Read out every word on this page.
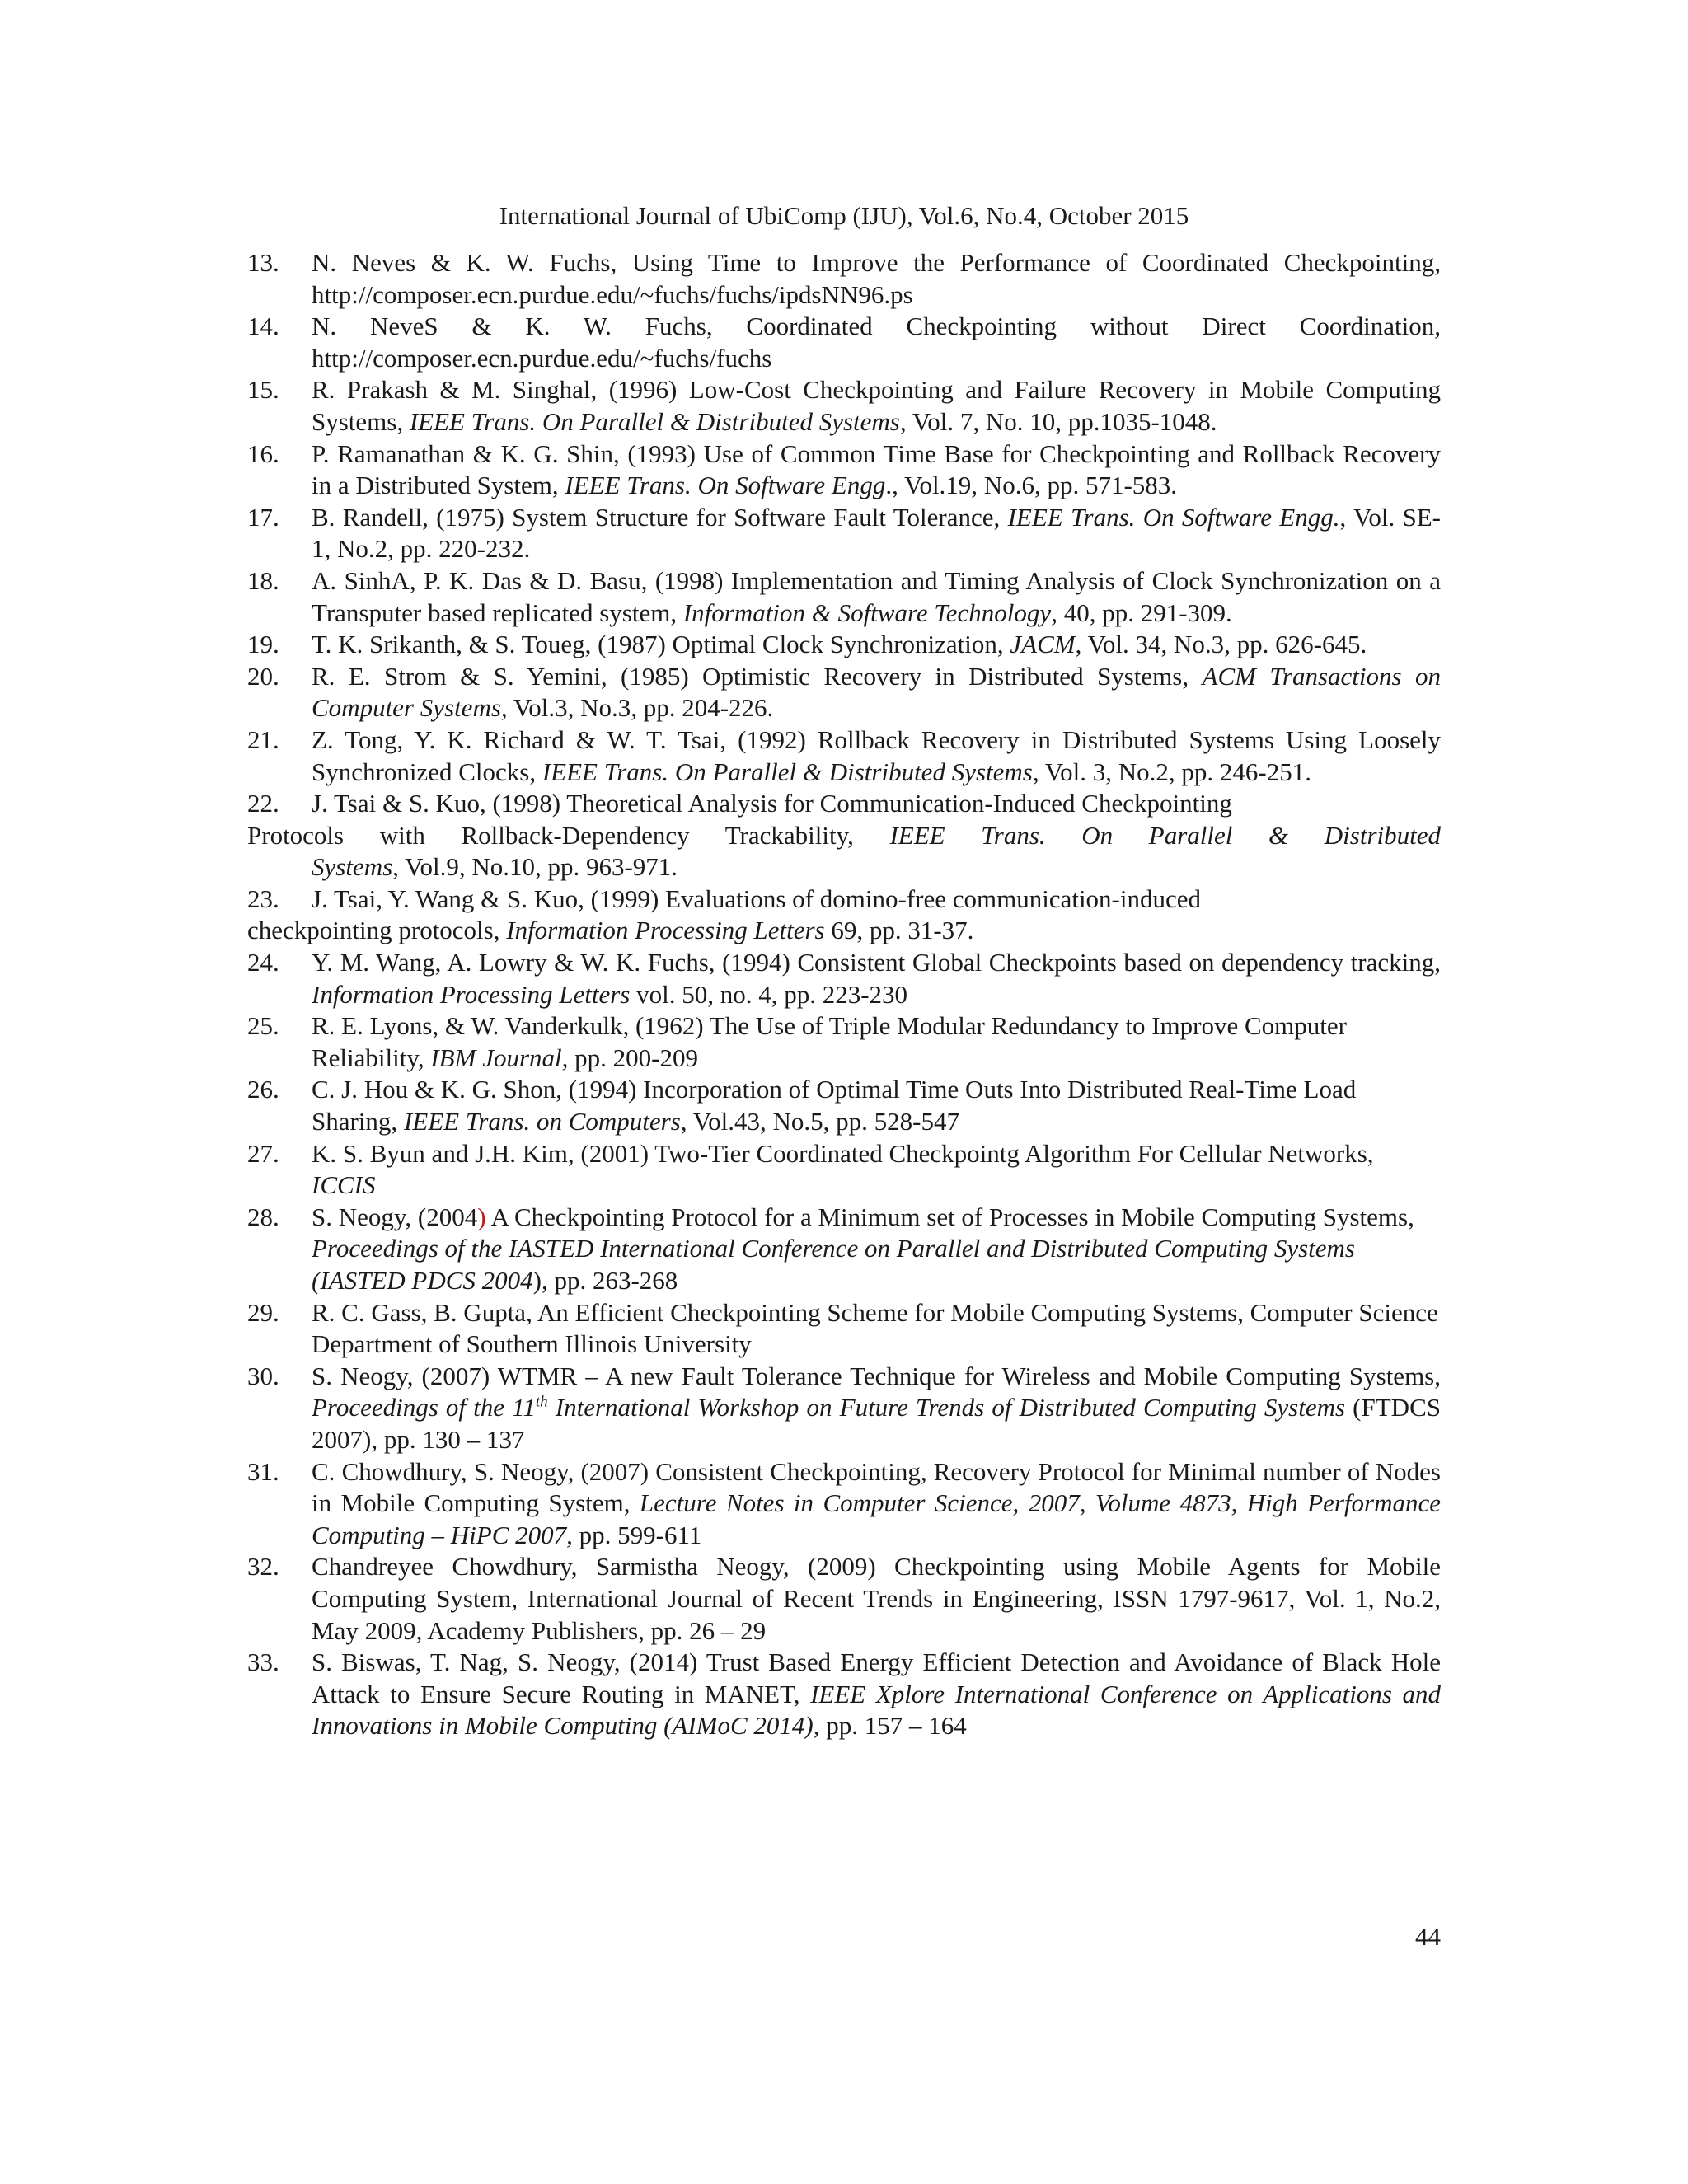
International Journal of UbiComp (IJU), Vol.6, No.4, October 2015
13. N. Neves & K. W. Fuchs, Using Time to Improve the Performance of Coordinated Checkpointing, http://composer.ecn.purdue.edu/~fuchs/fuchs/ipdsNN96.ps
14. N. NeveS & K. W. Fuchs, Coordinated Checkpointing without Direct Coordination, http://composer.ecn.purdue.edu/~fuchs/fuchs
15. R. Prakash & M. Singhal, (1996) Low-Cost Checkpointing and Failure Recovery in Mobile Computing Systems, IEEE Trans. On Parallel & Distributed Systems, Vol. 7, No. 10, pp.1035-1048.
16. P. Ramanathan & K. G. Shin, (1993) Use of Common Time Base for Checkpointing and Rollback Recovery in a Distributed System, IEEE Trans. On Software Engg., Vol.19, No.6, pp. 571-583.
17. B. Randell, (1975) System Structure for Software Fault Tolerance, IEEE Trans. On Software Engg., Vol. SE-1, No.2, pp. 220-232.
18. A. SinhA, P. K. Das & D. Basu, (1998) Implementation and Timing Analysis of Clock Synchronization on a Transputer based replicated system, Information & Software Technology, 40, pp. 291-309.
19. T. K. Srikanth, & S. Toueg, (1987) Optimal Clock Synchronization, JACM, Vol. 34, No.3, pp. 626-645.
20. R. E. Strom & S. Yemini, (1985) Optimistic Recovery in Distributed Systems, ACM Transactions on Computer Systems, Vol.3, No.3, pp. 204-226.
21. Z. Tong, Y. K. Richard & W. T. Tsai, (1992) Rollback Recovery in Distributed Systems Using Loosely Synchronized Clocks, IEEE Trans. On Parallel & Distributed Systems, Vol. 3, No.2, pp. 246-251.
22. J. Tsai & S. Kuo, (1998) Theoretical Analysis for Communication-Induced Checkpointing
Protocols with Rollback-Dependency Trackability, IEEE Trans. On Parallel & Distributed
Systems, Vol.9, No.10, pp. 963-971.
23. J. Tsai, Y. Wang & S. Kuo, (1999) Evaluations of domino-free communication-induced
checkpointing protocols, Information Processing Letters 69, pp. 31-37.
24. Y. M. Wang, A. Lowry & W. K. Fuchs, (1994) Consistent Global Checkpoints based on dependency tracking, Information Processing Letters vol. 50, no. 4, pp. 223-230
25. R. E. Lyons, & W. Vanderkulk, (1962) The Use of Triple Modular Redundancy to Improve Computer Reliability, IBM Journal, pp. 200-209
26. C. J. Hou & K. G. Shon, (1994) Incorporation of Optimal Time Outs Into Distributed Real-Time Load Sharing, IEEE Trans. on Computers, Vol.43, No.5, pp. 528-547
27. K. S. Byun and J.H. Kim, (2001) Two-Tier Coordinated Checkpointg Algorithm For Cellular Networks, ICCIS
28. S. Neogy, (2004) A Checkpointing Protocol for a Minimum set of Processes in Mobile Computing Systems, Proceedings of the IASTED International Conference on Parallel and Distributed Computing Systems (IASTED PDCS 2004), pp. 263-268
29. R. C. Gass, B. Gupta, An Efficient Checkpointing Scheme for Mobile Computing Systems, Computer Science Department of Southern Illinois University
30. S. Neogy, (2007) WTMR – A new Fault Tolerance Technique for Wireless and Mobile Computing Systems, Proceedings of the 11th International Workshop on Future Trends of Distributed Computing Systems (FTDCS 2007), pp. 130 – 137
31. C. Chowdhury, S. Neogy, (2007) Consistent Checkpointing, Recovery Protocol for Minimal number of Nodes in Mobile Computing System, Lecture Notes in Computer Science, 2007, Volume 4873, High Performance Computing – HiPC 2007, pp. 599-611
32. Chandreyee Chowdhury, Sarmistha Neogy, (2009) Checkpointing using Mobile Agents for Mobile Computing System, International Journal of Recent Trends in Engineering, ISSN 1797-9617, Vol. 1, No.2, May 2009, Academy Publishers, pp. 26 – 29
33. S. Biswas, T. Nag, S. Neogy, (2014) Trust Based Energy Efficient Detection and Avoidance of Black Hole Attack to Ensure Secure Routing in MANET, IEEE Xplore International Conference on Applications and Innovations in Mobile Computing (AIMoC 2014), pp. 157 – 164
44
